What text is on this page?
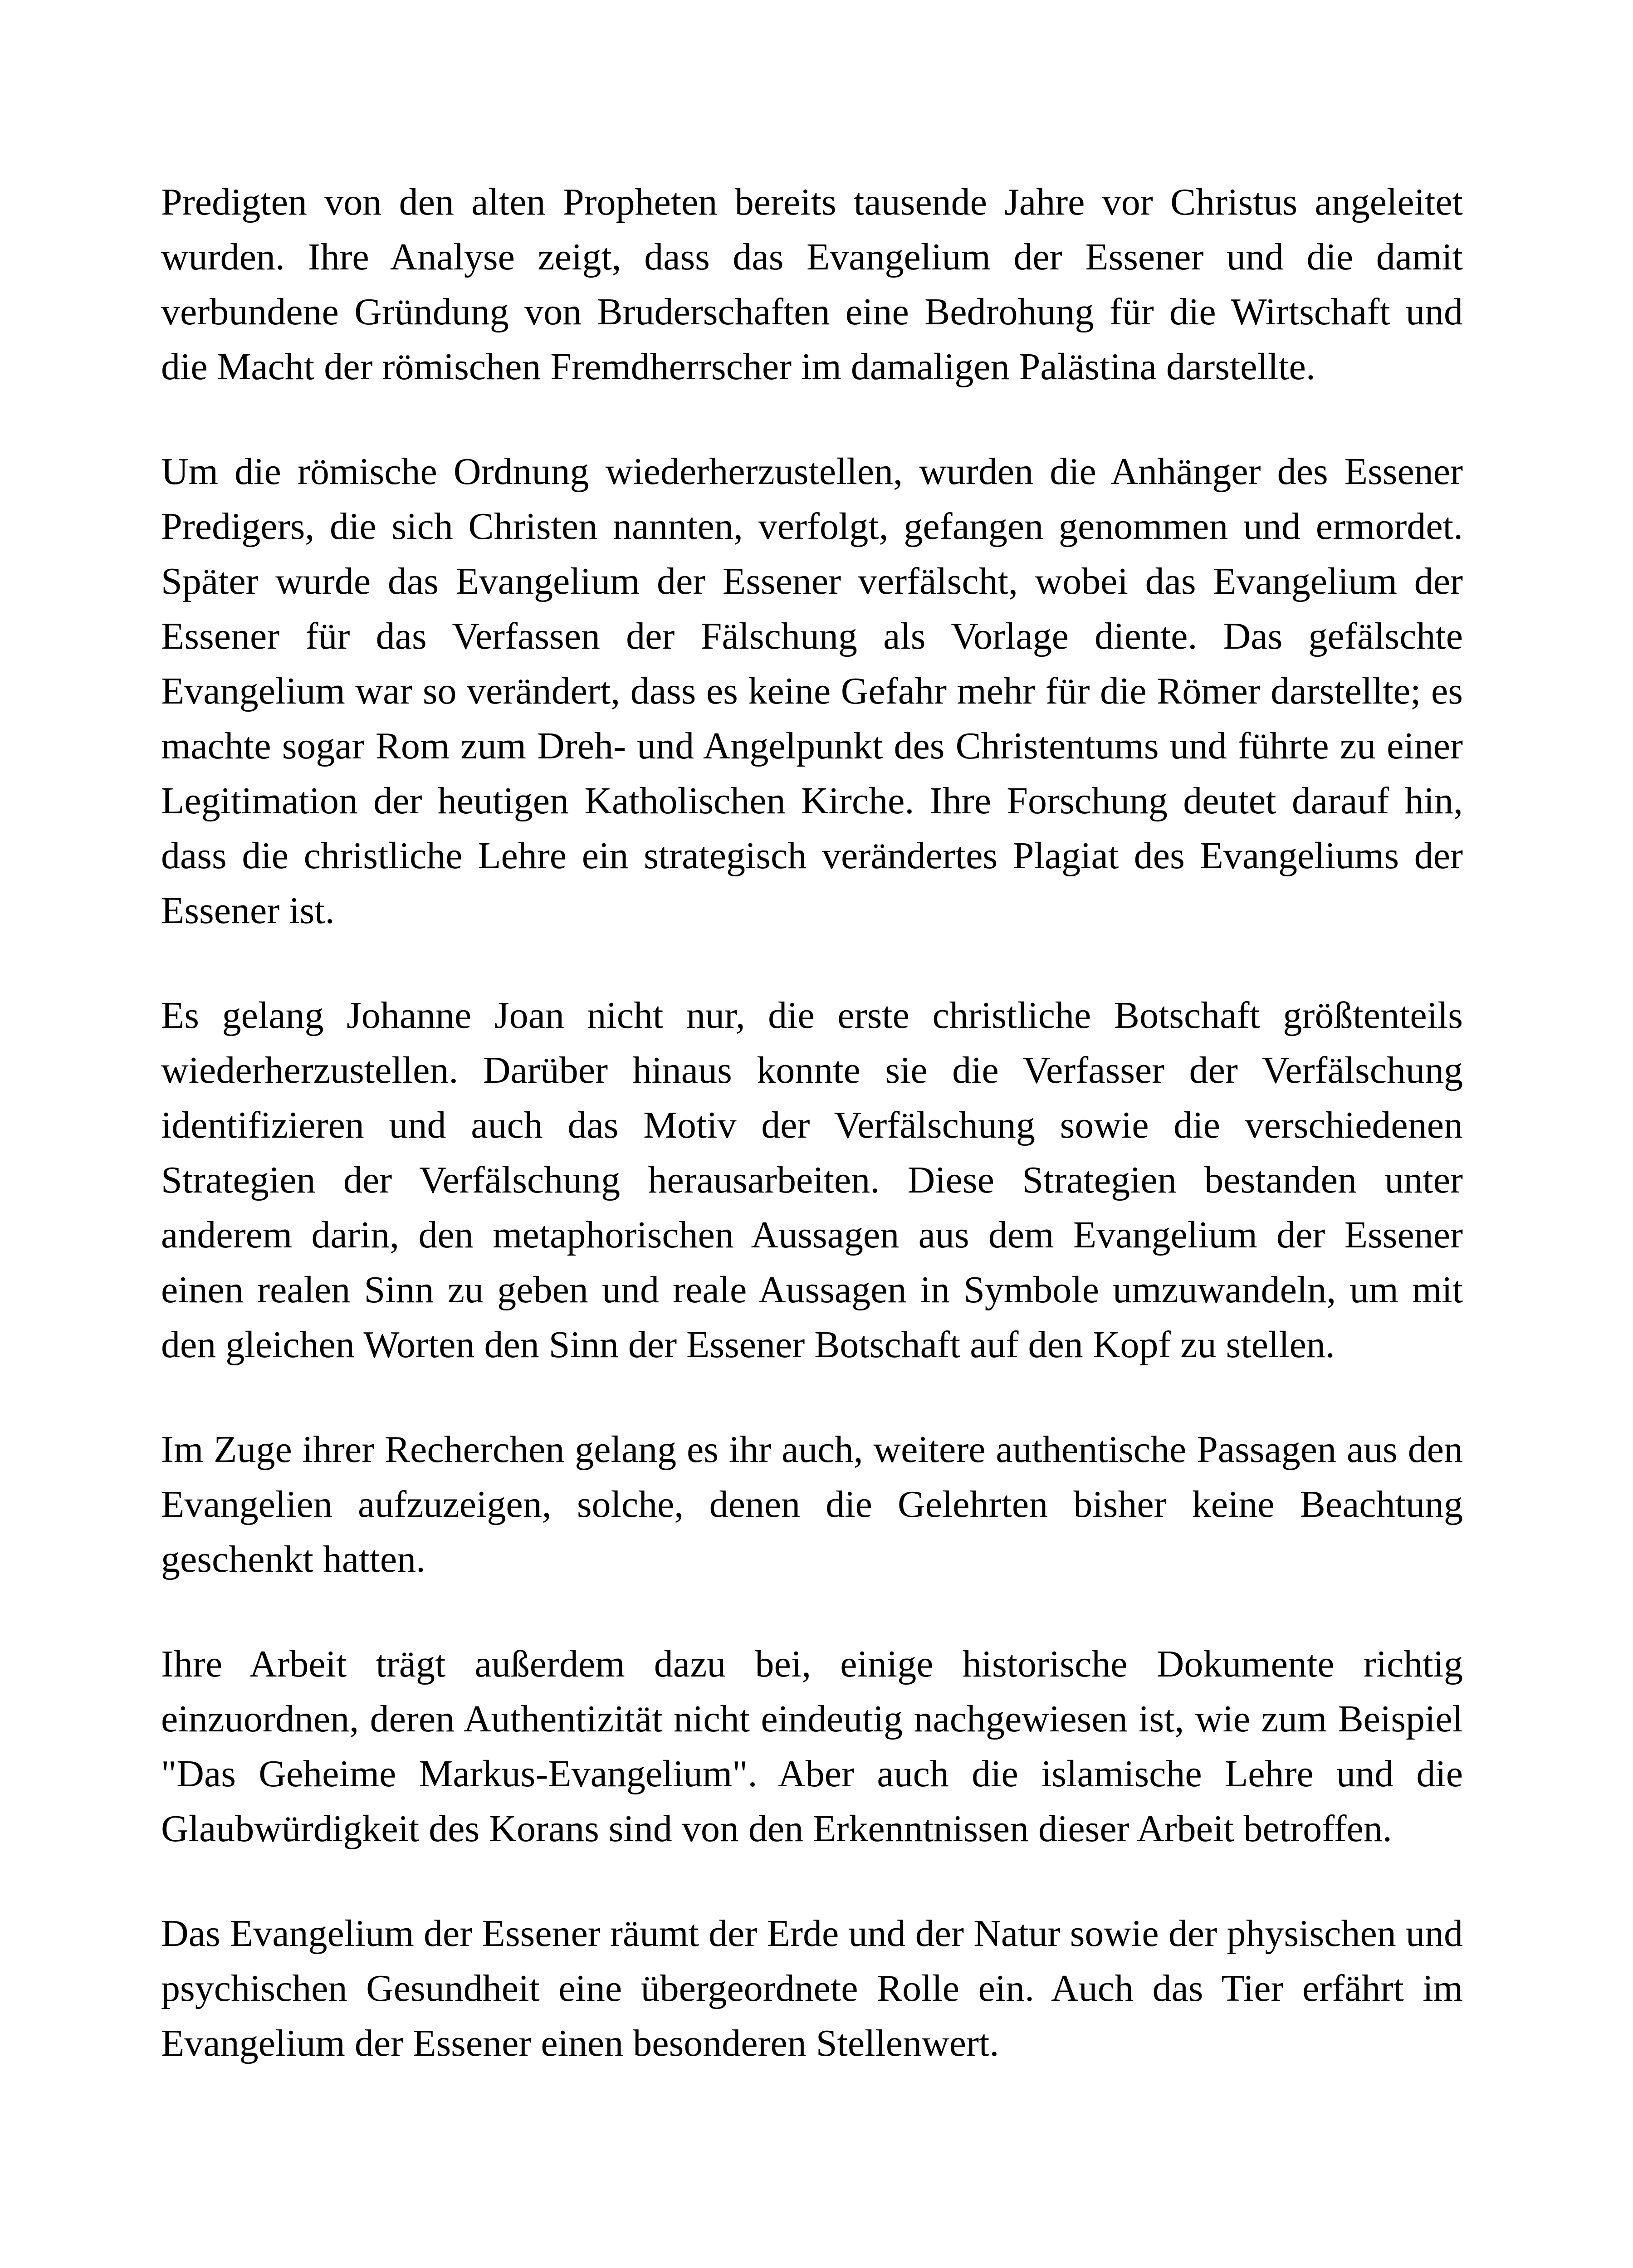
Predigten von den alten Propheten bereits tausende Jahre vor Christus angeleitet wurden. Ihre Analyse zeigt, dass das Evangelium der Essener und die damit verbundene Gründung von Bruderschaften eine Bedrohung für die Wirtschaft und die Macht der römischen Fremdherrscher im damaligen Palästina darstellte.

Um die römische Ordnung wiederherzustellen, wurden die Anhänger des Essener Predigers, die sich Christen nannten, verfolgt, gefangen genommen und ermordet. Später wurde das Evangelium der Essener verfälscht, wobei das Evangelium der Essener für das Verfassen der Fälschung als Vorlage diente. Das gefälschte Evangelium war so verändert, dass es keine Gefahr mehr für die Römer darstellte; es machte sogar Rom zum Dreh- und Angelpunkt des Christentums und führte zu einer Legitimation der heutigen Katholischen Kirche. Ihre Forschung deutet darauf hin, dass die christliche Lehre ein strategisch verändertes Plagiat des Evangeliums der Essener ist.

Es gelang Johanne Joan nicht nur, die erste christliche Botschaft größtenteils wiederherzustellen. Darüber hinaus konnte sie die Verfasser der Verfälschung identifizieren und auch das Motiv der Verfälschung sowie die verschiedenen Strategien der Verfälschung herausarbeiten. Diese Strategien bestanden unter anderem darin, den metaphorischen Aussagen aus dem Evangelium der Essener einen realen Sinn zu geben und reale Aussagen in Symbole umzuwandeln, um mit den gleichen Worten den Sinn der Essener Botschaft auf den Kopf zu stellen.

Im Zuge ihrer Recherchen gelang es ihr auch, weitere authentische Passagen aus den Evangelien aufzuzeigen, solche, denen die Gelehrten bisher keine Beachtung geschenkt hatten.

Ihre Arbeit trägt außerdem dazu bei, einige historische Dokumente richtig einzuordnen, deren Authentizität nicht eindeutig nachgewiesen ist, wie zum Beispiel "Das Geheime Markus-Evangelium". Aber auch die islamische Lehre und die Glaubwürdigkeit des Korans sind von den Erkenntnissen dieser Arbeit betroffen.

Das Evangelium der Essener räumt der Erde und der Natur sowie der physischen und psychischen Gesundheit eine übergeordnete Rolle ein. Auch das Tier erfährt im Evangelium der Essener einen besonderen Stellenwert.
